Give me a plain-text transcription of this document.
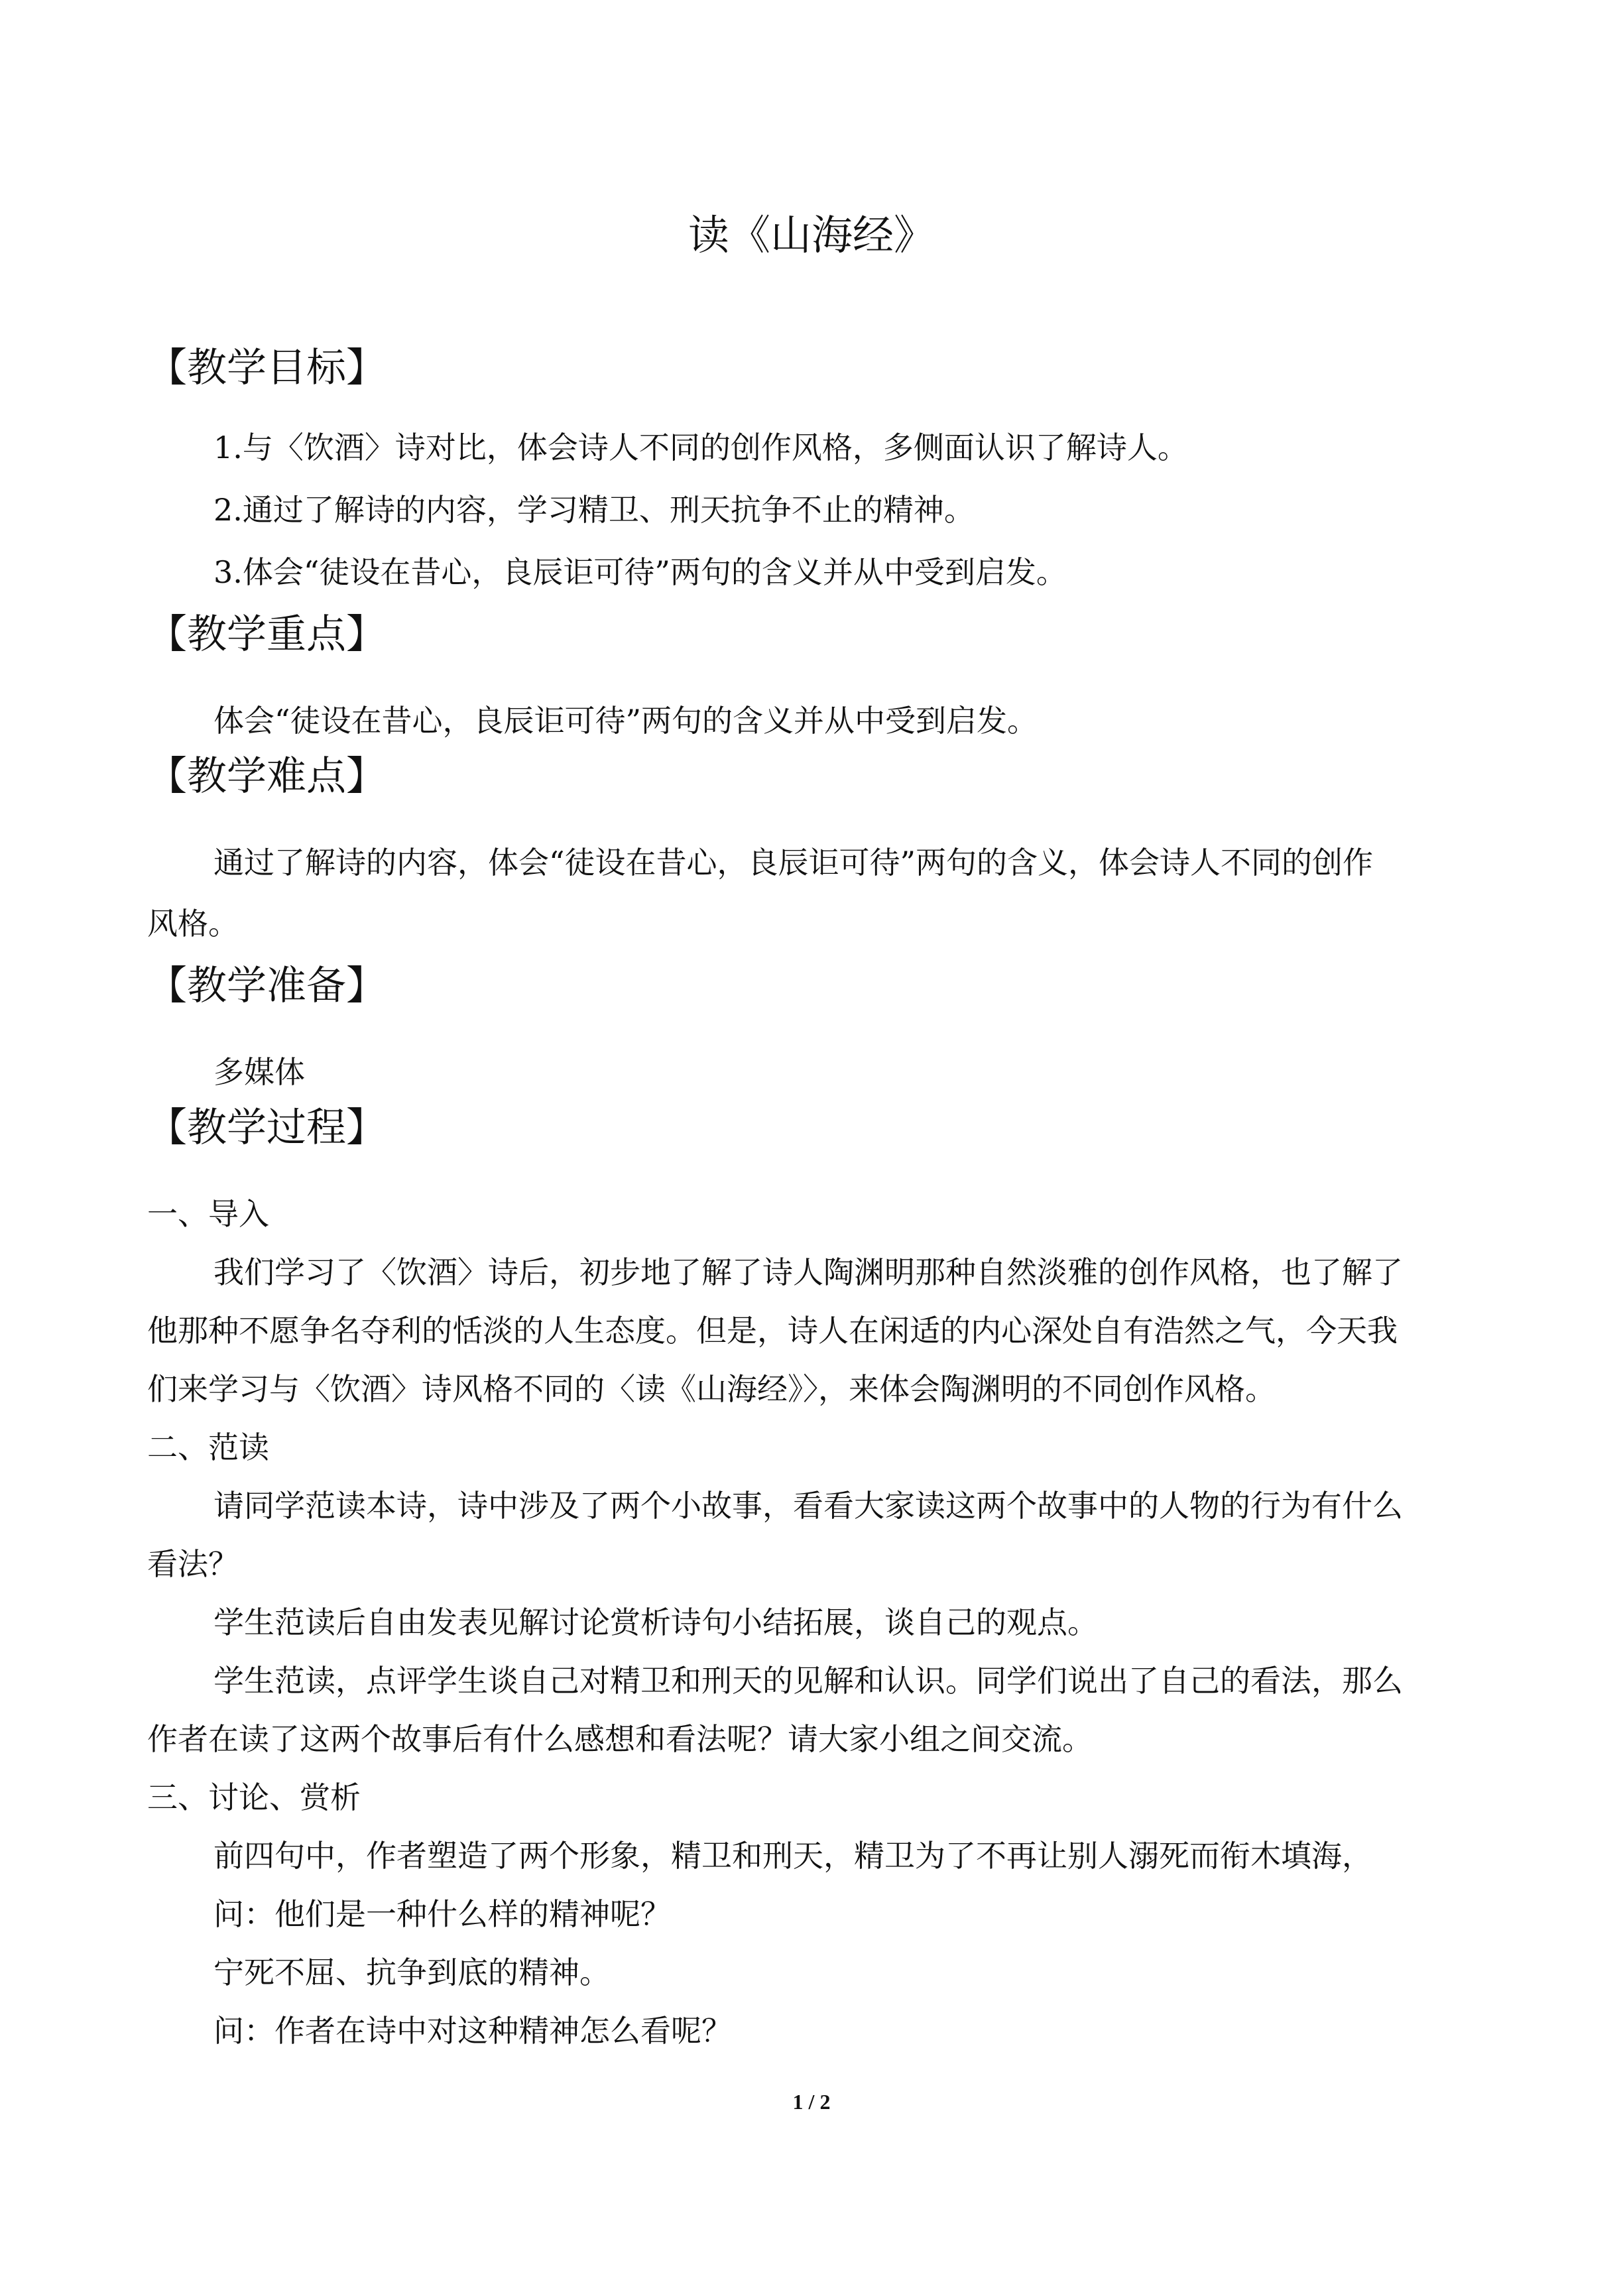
读《山海经》
【教学目标】
1.与〈饮酒〉诗对比，体会诗人不同的创作风格，多侧面认识了解诗人。
2.通过了解诗的内容，学习精卫、刑天抗争不止的精神。
3.体会“徒设在昔心，良辰讵可待”两句的含义并从中受到启发。
【教学重点】
体会“徒设在昔心，良辰讵可待”两句的含义并从中受到启发。
【教学难点】
通过了解诗的内容，体会“徒设在昔心，良辰讵可待”两句的含义，体会诗人不同的创作
风格。
【教学准备】
多媒体
【教学过程】
一、导入
我们学习了〈饮酒〉诗后，初步地了解了诗人陶渊明那种自然淡雅的创作风格，也了解了
他那种不愿争名夺利的恬淡的人生态度。但是，诗人在闲适的内心深处自有浩然之气，今天我
们来学习与〈饮酒〉诗风格不同的〈读《山海经》〉，来体会陶渊明的不同创作风格。
二、范读
请同学范读本诗，诗中涉及了两个小故事，看看大家读这两个故事中的人物的行为有什么
看法？
学生范读后自由发表见解讨论赏析诗句小结拓展，谈自己的观点。
学生范读，点评学生谈自己对精卫和刑天的见解和认识。同学们说出了自己的看法，那么
作者在读了这两个故事后有什么感想和看法呢？请大家小组之间交流。
三、讨论、赏析
前四句中，作者塑造了两个形象，精卫和刑天，精卫为了不再让别人溺死而衔木填海，
问：他们是一种什么样的精神呢？
宁死不屈、抗争到底的精神。
问：作者在诗中对这种精神怎么看呢？
1 / 2
